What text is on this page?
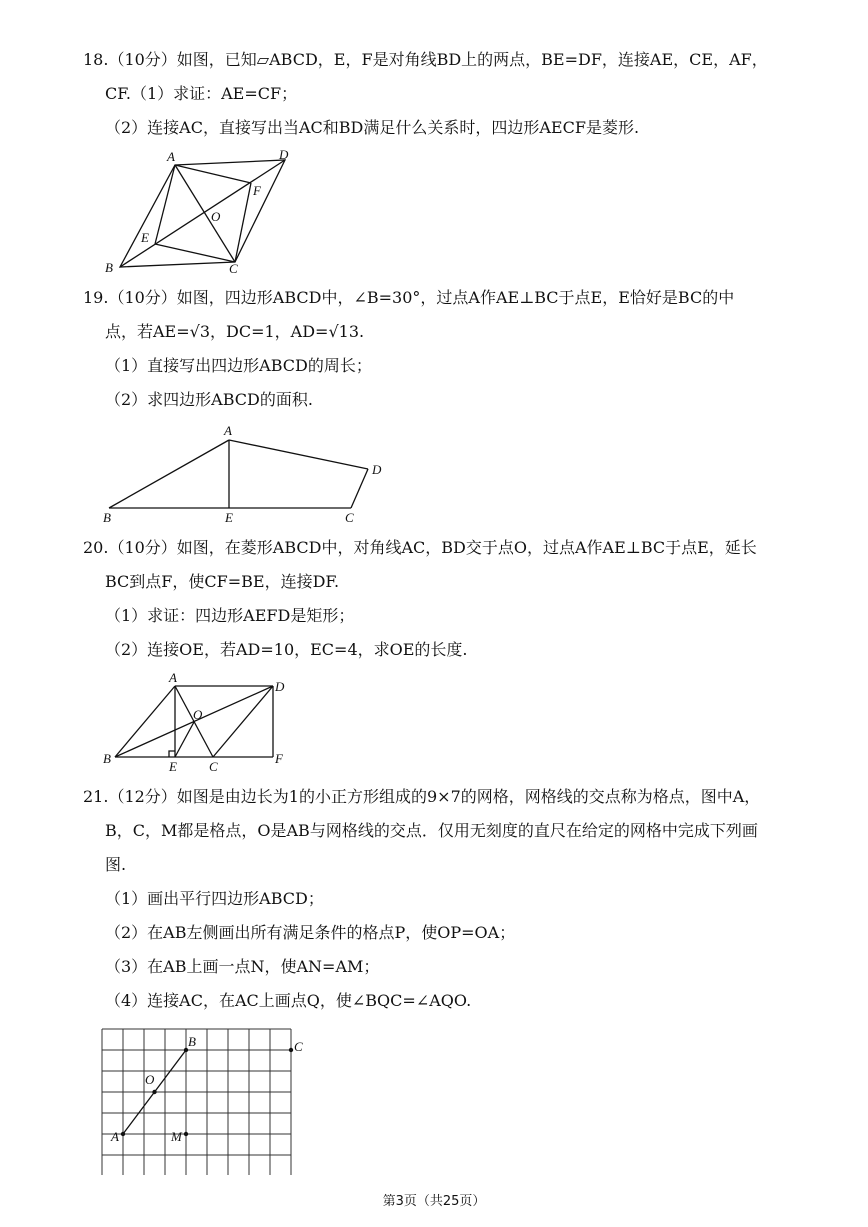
18.（10分）如图，已知▱ABCD，E，F是对角线BD上的两点，BE=DF，连接AE，CE，AF，
CF.（1）求证：AE=CF；
（2）连接AC，直接写出当AC和BD满足什么关系时，四边形AECF是菱形.
A	D
F
O
E
B	C
19.（10分）如图，四边形ABCD中，∠B=30°，过点A作AE⊥BC于点E，E恰好是BC的中
点，若AE=√3，DC=1，AD=√13.
（1）直接写出四边形ABCD的周长；
（2）求四边形ABCD的面积.
A
D
B	E	C
20.（10分）如图，在菱形ABCD中，对角线AC，BD交于点O，过点A作AE⊥BC于点E，延长
BC到点F，使CF=BE，连接DF.
（1）求证：四边形AEFD是矩形；
（2）连接OE，若AD=10，EC=4，求OE的长度.
A
D
O
B
E C
F
21.（12分）如图是由边长为1的小正方形组成的9×7的网格，网格线的交点称为格点，图中A，
B，C，M都是格点，O是AB与网格线的交点．仅用无刻度的直尺在给定的网格中完成下列画
图.
（1）画出平行四边形ABCD；
（2）在AB左侧画出所有满足条件的格点P，使OP=OA；
（3）在AB上画一点N，使AN=AM；
（4）连接AC，在AC上画点Q，使∠BQC=∠AQO.
A
B	C
M
O
第3页（共25页）
